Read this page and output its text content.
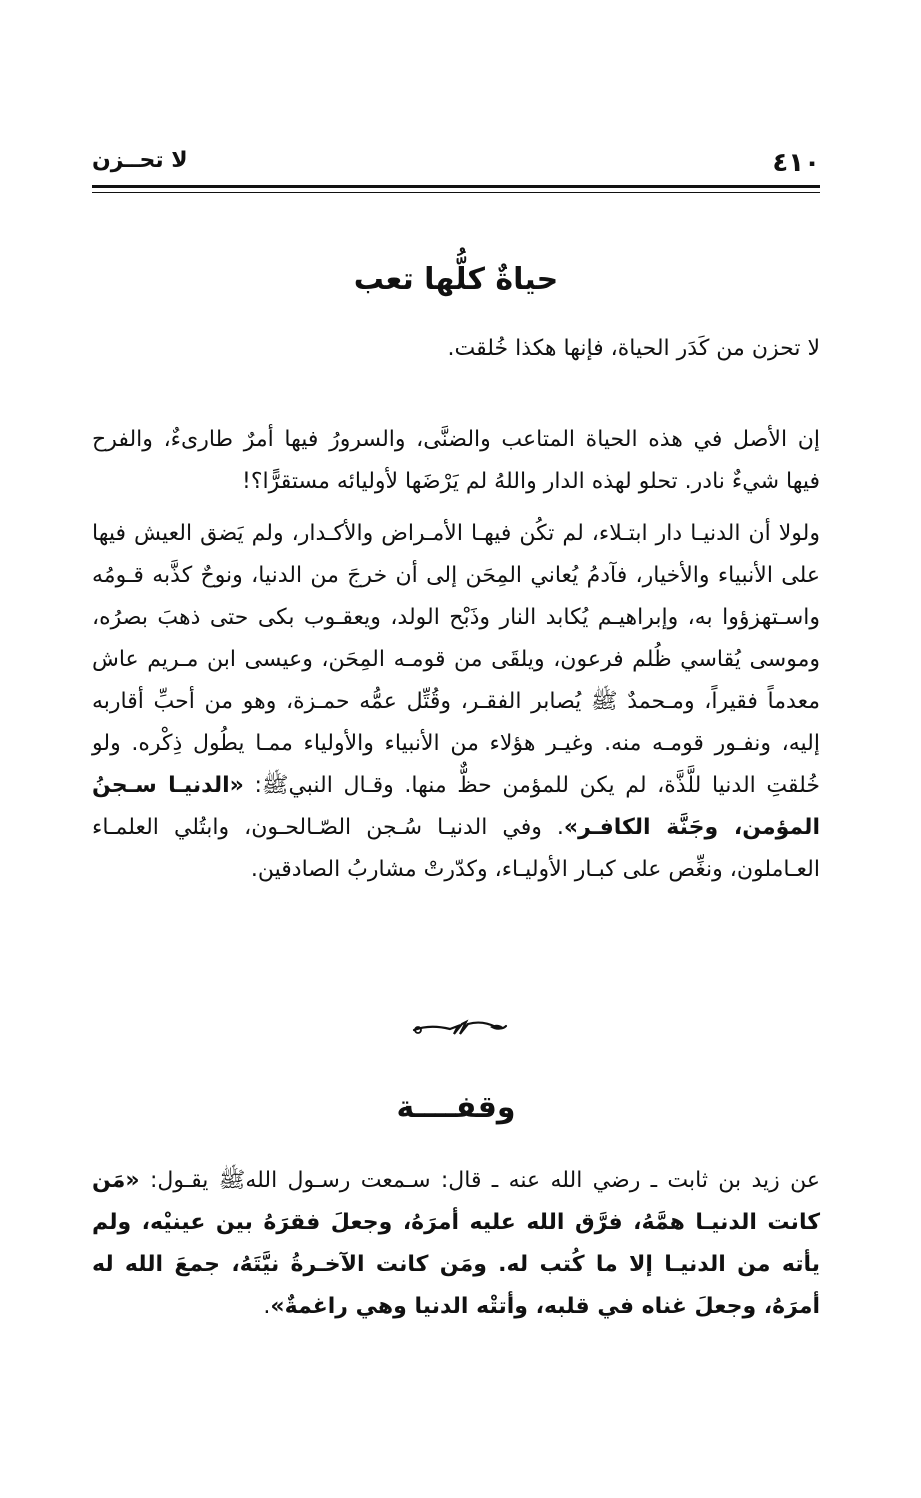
٤١٠
لا تحــزن
حياةٌ كلُّها تعب

لا تحزن من كَدَر الحياة، فإنها هكذا خُلقت.

إن الأصل في هذه الحياة المتاعب والضنَّى، والسرورُ فيها أمرٌ طارىءٌ، والفرح فيها شيءٌ نادر. تحلو لهذه الدار واللهُ لم يَرْضَها لأوليائه مستقرًّا؟!

ولولا أن الدنيـا دار ابتـلاء، لم تكُن فيهـا الأمـراض والأكـدار، ولم يَضق العيش فيها على الأنبياء والأخيار، فآدمُ يُعاني المِحَن إلى أن خرجَ من الدنيا، ونوحٌ كذَّبه قـومُه واسـتهزؤوا به، وإبراهيـم يُكابد النار وذَبْح الولد، ويعقـوب بكى حتى ذهبَ بصرُه، وموسى يُقاسي ظُلم فرعون، ويلقَى من قومـه المِحَن، وعيسى ابن مـريم عاش معدماً فقيراً، ومـحمدٌ ﷺ يُصابر الفقـر، وقُتِّل عمُّه حمـزة، وهو من أحبِّ أقاربه إليه، ونفـور قومـه منه. وغيـر هؤلاء من الأنبياء والأولياء ممـا يطُول ذِكْره. ولو خُلقتِ الدنيا للَّذَّة، لم يكن للمؤمن حظٌّ منها. وقـال النبيﷺ: «الدنيـا سـجنُ المؤمن، وجَنَّة الكافـر». وفي الدنيـا سُـجن الصّـالحـون، وابتُلي العلمـاء العـاملون، ونغِّص على كبـار الأوليـاء، وكدّرتْ مشاربُ الصادقين.

وقفــــة

عن زيد بن ثابت ـ رضي الله عنه ـ قال: سـمعت رسـول اللهﷺ يقـول: «مَن كانت الدنيـا همَّهُ، فرَّق الله عليه أمرَهُ، وجعلَ فقرَهُ بين عينيْه، ولم يأته من الدنيـا إلا ما كُتب له. ومَن كانت الآخـرةُ نيَّتَهُ، جمعَ الله له أمرَهُ، وجعلَ غناه في قلبه، وأتتْه الدنيا وهي راغمةٌ».
